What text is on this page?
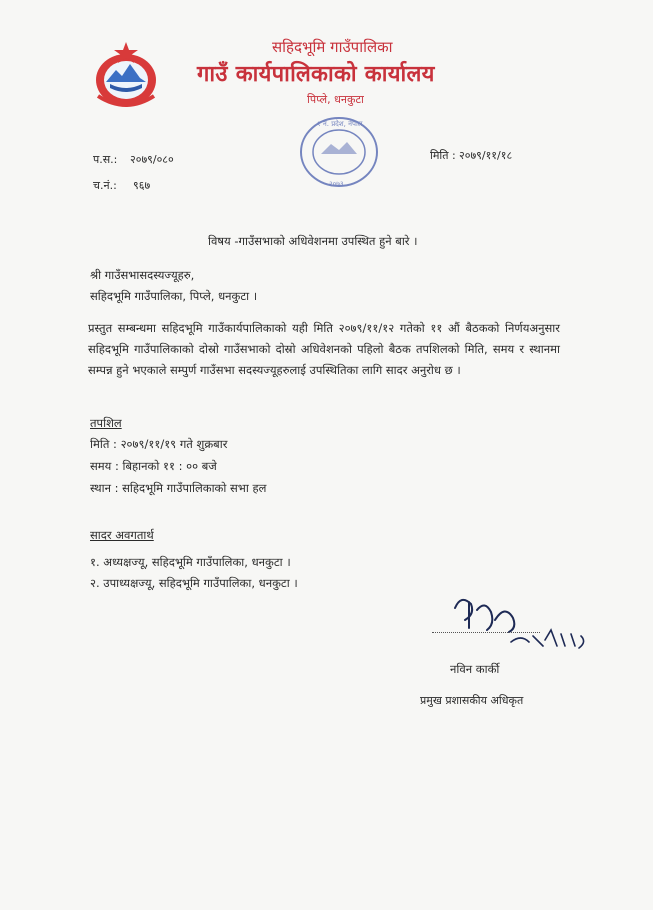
सहिदभूमि गाउँपालिका
गाउँ कार्यपालिकाको कार्यालय
पिप्ले, धनकुटा
१ नं. प्रदेश, नेपाल
२०७३
प.स.: २०७९/०८०
च.नं.: ९६७
मिति : २०७९/११/१८
विषय -गाउँसभाको अधिवेशनमा उपस्थित हुने बारे ।
श्री गाउँसभासदस्यज्यूहरु,
सहिदभूमि गाउँपालिका, पिप्ले, धनकुटा ।
प्रस्तुत सम्बन्धमा सहिदभूमि गाउँकार्यपालिकाको यही मिति २०७९/११/१२ गतेको ११ औं बैठकको निर्णयअनुसार सहिदभूमि गाउँपालिकाको दोस्रो गाउँसभाको दोस्रो अधिवेशनको पहिलो बैठक तपशिलको मिति, समय र स्थानमा सम्पन्न हुने भएकाले सम्पुर्ण गाउँसभा सदस्यज्यूहरुलाई उपस्थितिका लागि सादर अनुरोध छ ।
तपशिल
मिति : २०७९/११/१९ गते शुक्रबार
समय : बिहानको ११ : ०० बजे
स्थान : सहिदभूमि गाउँपालिकाको सभा हल
सादर अवगतार्थ
१. अध्यक्षज्यू, सहिदभूमि गाउँपालिका, धनकुटा ।
२. उपाध्यक्षज्यू, सहिदभूमि गाउँपालिका, धनकुटा ।
नविन कार्की
प्रमुख प्रशासकीय अधिकृत
